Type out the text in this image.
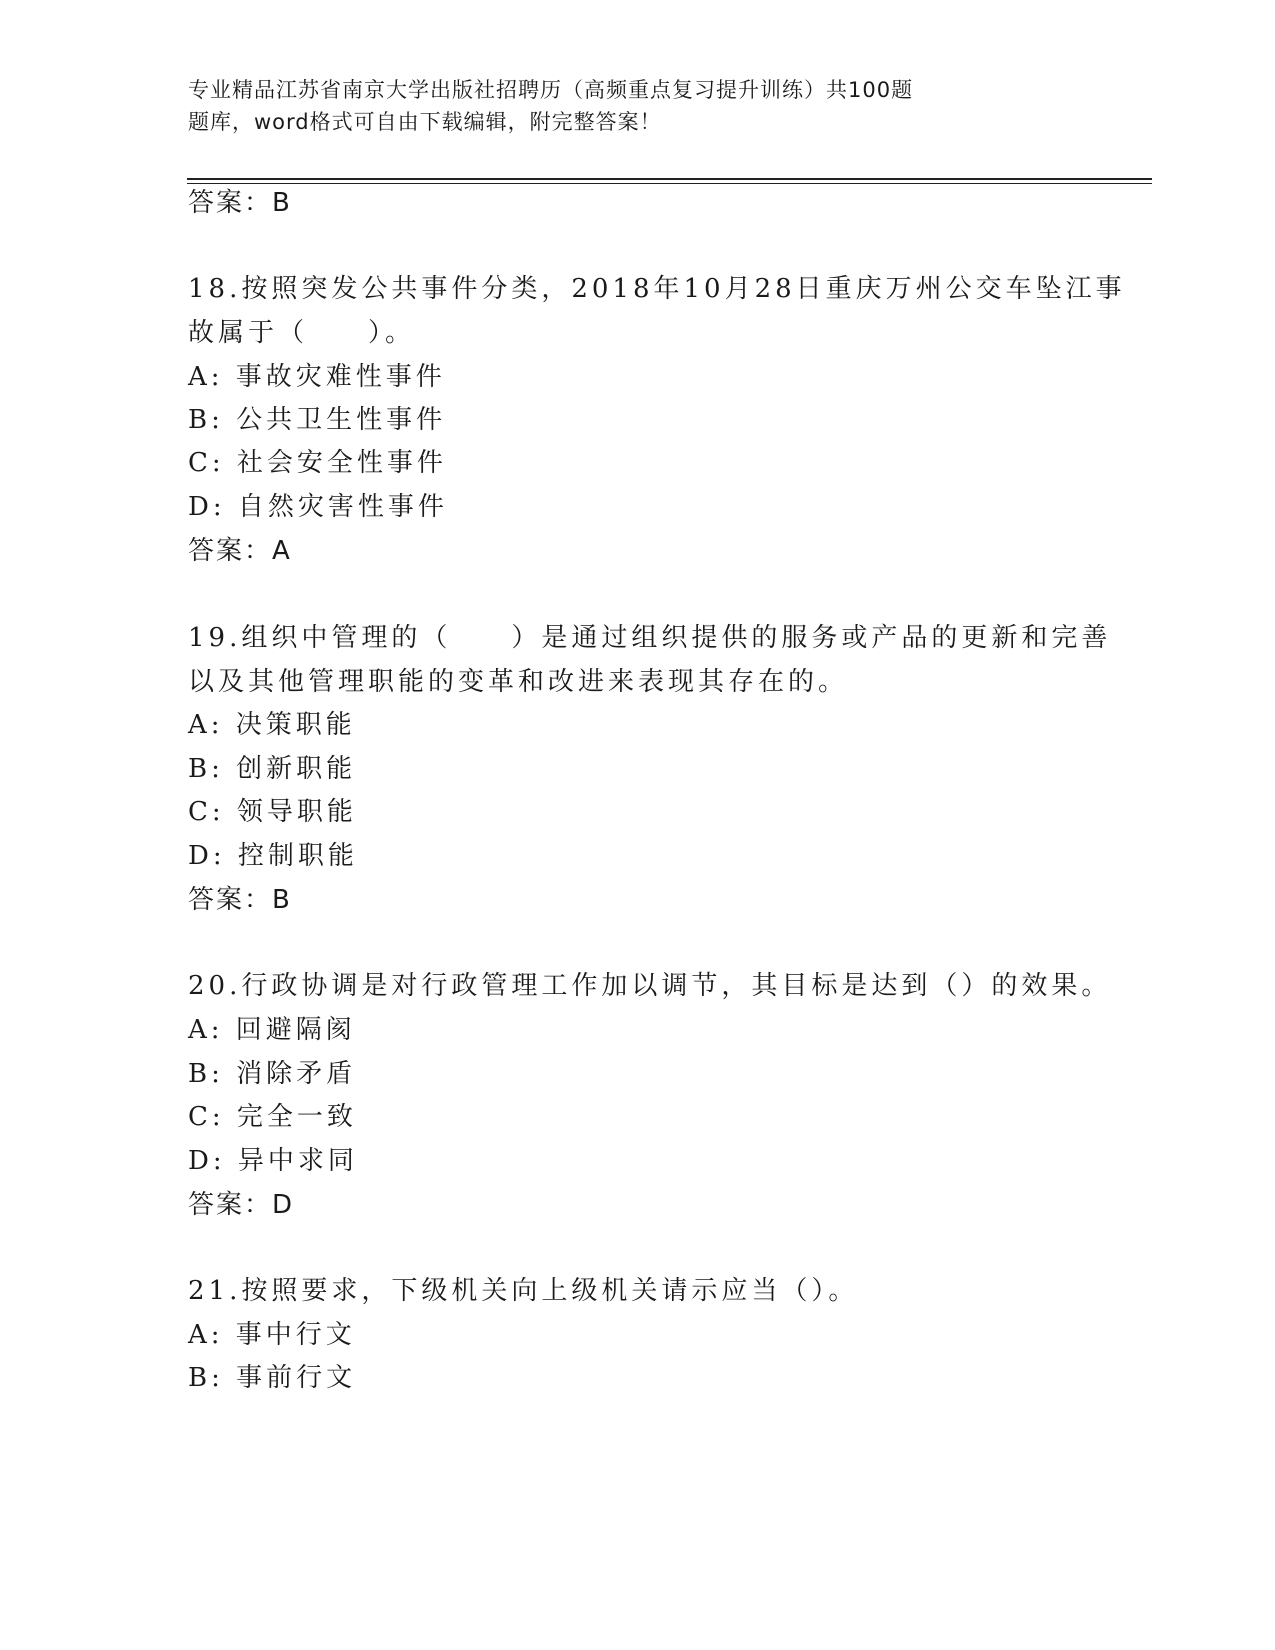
专业精品江苏省南京大学出版社招聘历（高频重点复习提升训练）共100题
题库，word格式可自由下载编辑，附完整答案！
答案：B
18.按照突发公共事件分类，2018年10月28日重庆万州公交车坠江事
故属于（　　）。
A: 事故灾难性事件
B: 公共卫生性事件
C: 社会安全性事件
D: 自然灾害性事件
答案：A
19.组织中管理的（　　）是通过组织提供的服务或产品的更新和完善
以及其他管理职能的变革和改进来表现其存在的。
A: 决策职能
B: 创新职能
C: 领导职能
D: 控制职能
答案：B
20.行政协调是对行政管理工作加以调节，其目标是达到（）的效果。
A: 回避隔阂
B: 消除矛盾
C: 完全一致
D: 异中求同
答案：D
21.按照要求，下级机关向上级机关请示应当（）。
A: 事中行文
B: 事前行文
